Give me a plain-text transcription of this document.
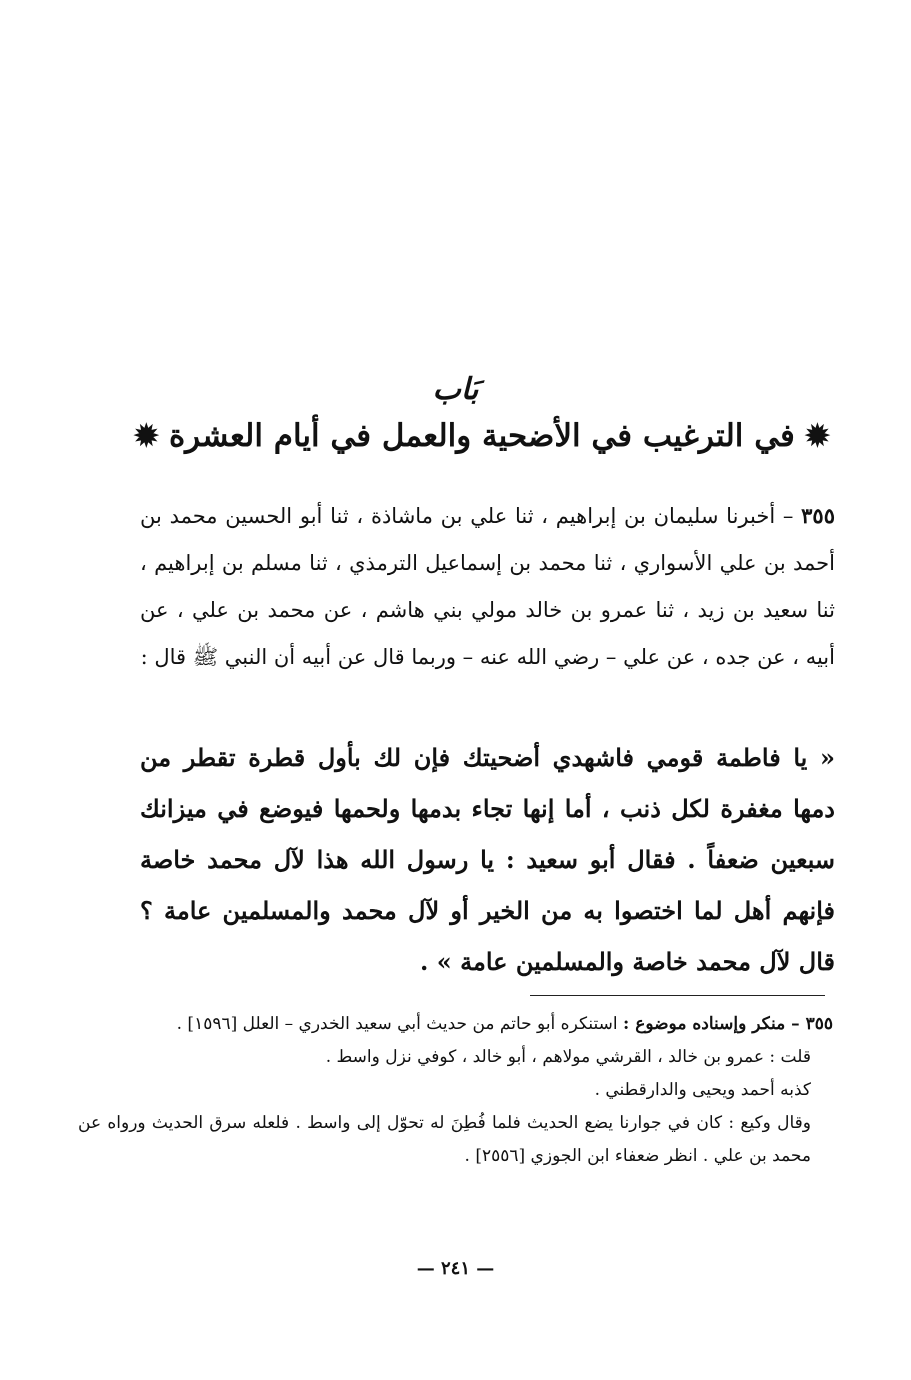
بَاب
✹في الترغيب في الأضحية والعمل في أيام العشرة✹
٣٥٥ – أخبرنا سليمان بن إبراهيم ، ثنا علي بن ماشاذة ، ثنا أبو الحسين محمد بن أحمد بن علي الأسواري ، ثنا محمد بن إسماعيل الترمذي ، ثنا مسلم بن إبراهيم ، ثنا سعيد بن زيد ، ثنا عمرو بن خالد مولي بني هاشم ، عن محمد بن علي ، عن أبيه ، عن جده ، عن علي – رضي الله عنه – وربما قال عن أبيه أن النبي ﷺ قال :
« يا فاطمة قومي فاشهدي أضحيتك فإن لك بأول قطرة تقطر من دمها مغفرة لكل ذنب ، أما إنها تجاء بدمها ولحمها فيوضع في ميزانك سبعين ضعفاً . فقال أبو سعيد : يا رسول الله هذا لآل محمد خاصة فإنهم أهل لما اختصوا به من الخير أو لآل محمد والمسلمين عامة ؟ قال لآل محمد خاصة والمسلمين عامة » .

٣٥٥ – منكر وإسناده موضوع : استنكره أبو حاتم من حديث أبي سعيد الخدري – العلل [١٥٩٦] .

قلت : عمرو بن خالد ، القرشي مولاهم ، أبو خالد ، كوفي نزل واسط .

كذبه أحمد ويحيى والدارقطني .

وقال وكيع : كان في جوارنا يضع الحديث فلما فُطِنَ له تحوّل إلى واسط . فلعله سرق الحديث ورواه عن محمد بن علي . انظر ضعفاء ابن الجوزي [٢٥٥٦] .

— ٢٤١ —
